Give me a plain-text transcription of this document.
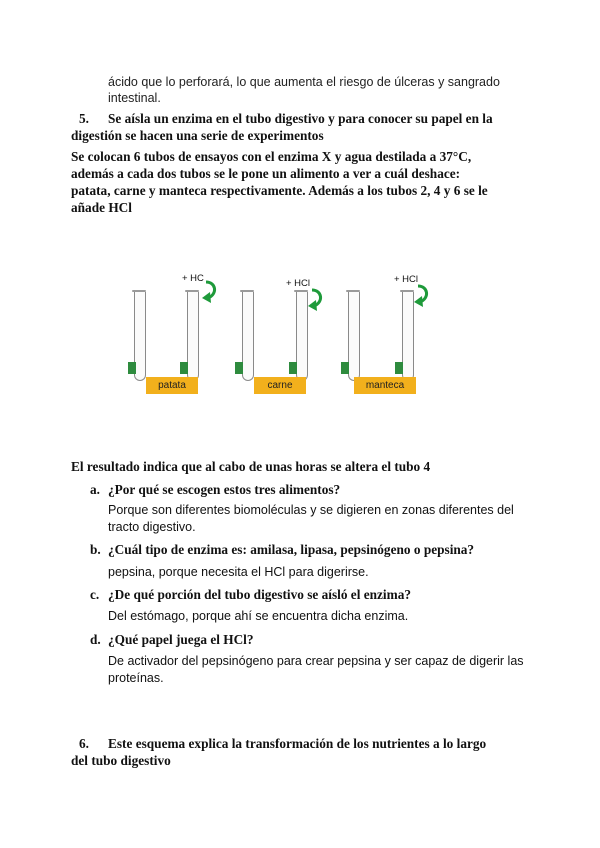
ácido que lo perforará, lo que aumenta el riesgo de úlceras y sangrado
intestinal.
5. Se aísla un enzima en el tubo digestivo y para conocer su papel en la
digestión se hacen una serie de experimentos
Se colocan 6 tubos de ensayos con el enzima X y agua destilada a 37°C,
además a cada dos tubos se le pone un alimento a ver a cuál deshace:
patata, carne y manteca respectivamente. Además a los tubos 2, 4 y 6 se le
añade HCl
+ HC
patata
+ HCl
carne
+ HCl
manteca
El resultado indica que al cabo de unas horas se altera el tubo 4
a. ¿Por qué se escogen estos tres alimentos?
Porque son diferentes biomoléculas y se digieren en zonas diferentes del
tracto digestivo.
b. ¿Cuál tipo de enzima es: amilasa, lipasa, pepsinógeno o pepsina?
pepsina, porque necesita el HCl para digerirse.
c. ¿De qué porción del tubo digestivo se aísló el enzima?
Del estómago, porque ahí se encuentra dicha enzima.
d. ¿Qué papel juega el HCl?
De activador del pepsinógeno para crear pepsina y ser capaz de digerir las
proteínas.
6. Este esquema explica la transformación de los nutrientes a lo largo
del tubo digestivo
